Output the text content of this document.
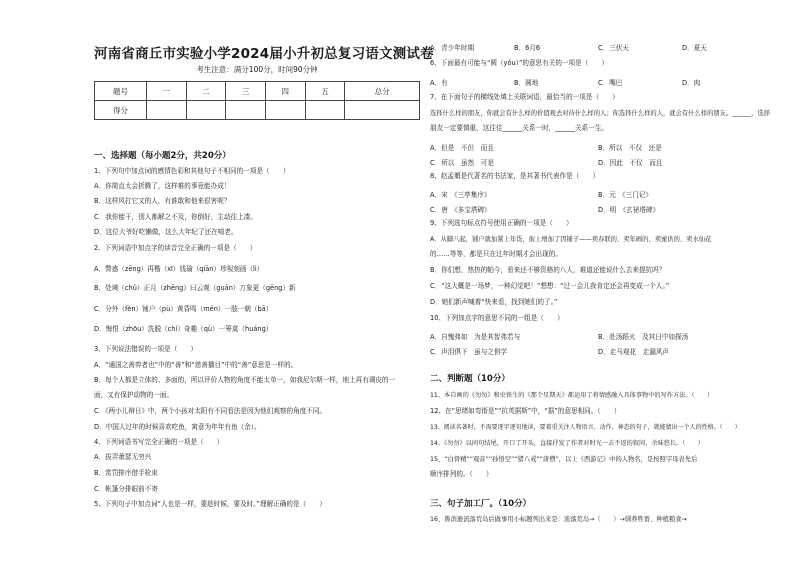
河南省商丘市实验小学2024届小升初总复习语文测试卷
考生注意：满分100分，时间90分钟
题号	一	二	三	四	五	总分
得分						
一、选择题（每小题2分，共20分）
1、下列句中加点词的感情色彩和其他句子不相同的一项是（　　）
A．你简直太会折腾了，这样难的事竟能办成！
B．这样风打它又的人，有谁敢和他来很害呢？
C．我你能干，别人都解之不及，你倒好，主动往上凑。
D．这位大爷好吃懒做，这么大年纪了还在啃老。
2、下列词语中加点字的读音完全正确的一项是（　　）
A．瞥惑（zēng）再楷（xī）钱瑜（qiān）珍视刻画（lì）
B．处境（chǔ）正月（zhēng）曰云观（guān）万象更（gēng）新
C．分外（fèn）铺户（pù）黄昏鸣（mén）一肢一朝（bā）
D．悔恨（zhōu）洗脱（chí）奇趣（qù）一筹莫（huáng）
3、下列说法错误的一项是（　　）
A．“通国之善弈者也”中的“善”和“慈善播目”中的“善”意思是一样的。
B．每个人都是立体的、多面的，所以评价人物的角度不能太单一，如我尼尔斯一样，地上再有调皮的一
面，又有保护动物的一面。
C．《两小儿辩日》中，两个小孩对太阳有不同看法是因为他们观察的角度不同。
D．中国人过年的时候喜欢吃鱼，寓意为年年有鱼（余）。
4、下列词语书写完全正确的一项是（　　）
A．拔弄萧瑟无穷兴
B．赏罚排序借手检束
C．帐篷分排眼前不寄
5、下列句子中加点词“人也是一样，要趁时候，要及时。”理解正确的是（　　）
A．青少年时期	B．6月6	C．三伏天	D．夏天
6、下面最有可能与“圆（yǒu）”的意思有关的一项是（　　）
A．有	B．圆地	C．嘴巴	D．肉
7、在下面句子的横线处填上关联词语，最恰当的一项是（　　）
选择什么样的朋友，你就会有什么样的价值观去对待什么样的人；你选择什么样的人，就会有什么样的朋友。______，选择
朋友一定要慎重，这往往______关系一时，______关系一生。
A．但是　不但　而且	B．所以　不仅　还是
C．所以　虽然　可是	D．因此　不仅　而且
8、赵孟頫是代著名的书法家，是其著书代表作是（　　）
A．宋　《三亭集序》	B．元　《三门记》
C．唐　《多宝塔碑》	D．明　《玄祕塔碑》
9、下列选句标点符号使用正确的一项是（　　）
A．从脚八起，铺户就加紧上年货，街上增加了因铺子——卖春联的、卖年画的、卖蜜供的、卖水仙花
的……等等，都是只在过年时期才会出现的。
B．你们想，热热的帕今，看来还不够资格的八人，难道还能说什么去来提抗吗？
C．“这大概是一场梦，一种幻觉吧！”想想：“过一会儿我肯定还会再变成一个人。”
D．她们新声喊着“快来看，找到她们的了。”
10、下列加点字的意思不同的一组是（　　）
A．自愧弗如　为是其智弗若与	B．赴汤蹈火　及其日中如探汤
C．声泪俱下　虽与之俱学	D．走马观花　走漏风声
二、判断题（10分）
11、本自画的《勿勿》和史铁生的《那个星期天》都运用了将情感融入具体事物中的写作方法。（　　）
12、在“思绪如弯街是”“抗英据斯”中，“据”的意思相同。（　　）
13、阅读名著时，不需要逐字逐句地读，要着重关注人物语言、动作、神态的句子，就能猜出一个人的性格。（　　）
14、《勿勿》以问句结尾，开口了开头，直接抒发了作者对时光一去不返的叙问，余味悠长。（　　）
15、“白骨精”“观音”“孙悟空”“猪八戒”“唐僧”，以上《西游记》中的人物名，是按照字母表先后
顺序排列的。（　　）
三、句子加工厂。（10分）
16、鲁滨逊流落荒岛后做事用小标题列出来是：流落荒岛→（　　）→驯养牲畜、种植粮食→
